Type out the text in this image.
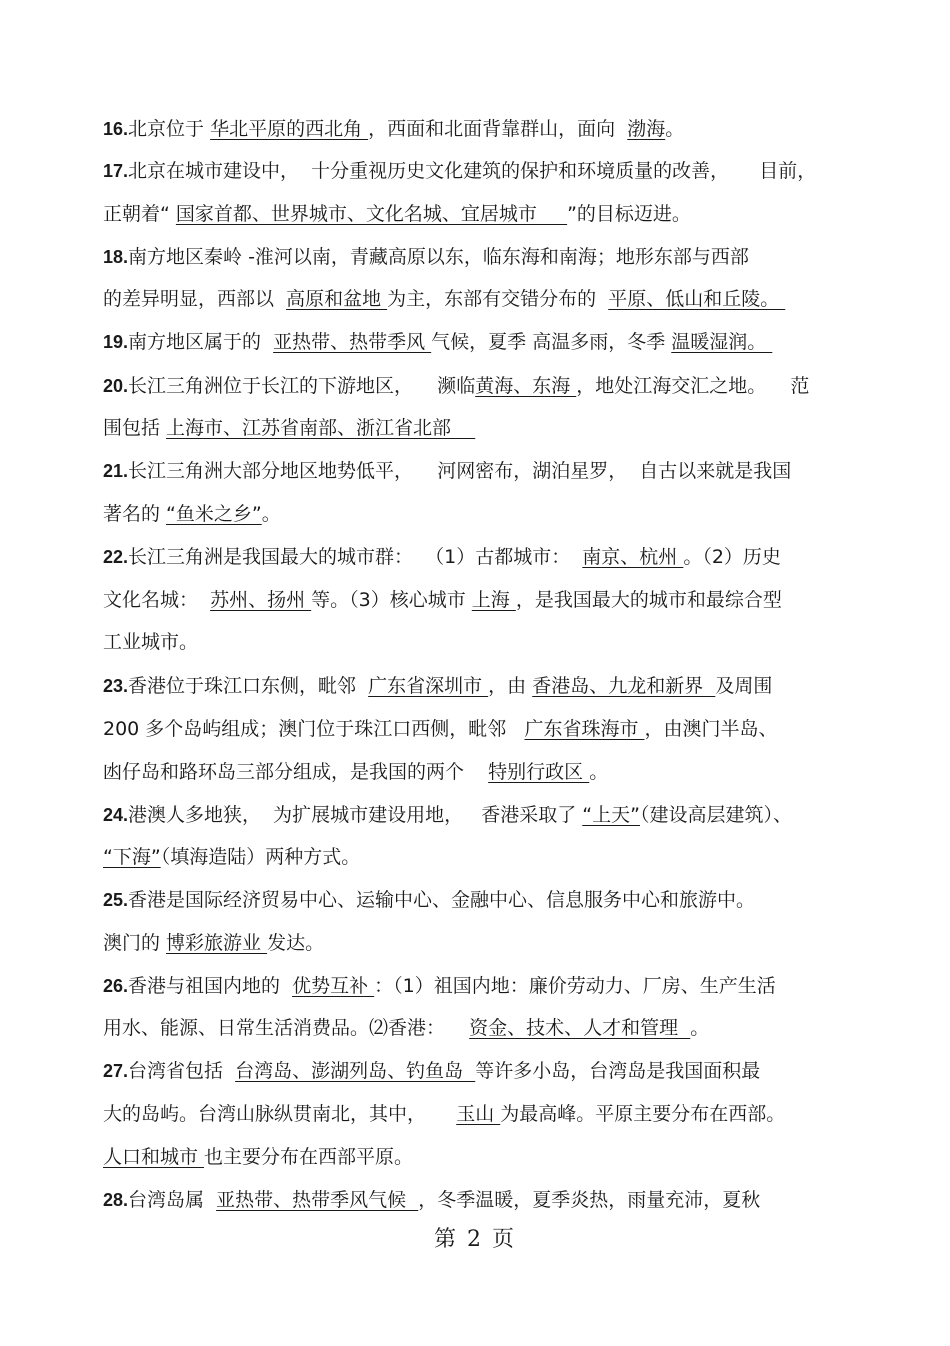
16.北京位于 华北平原的西北角 ，西面和北面背靠群山，面向  渤海。
17.北京在城市建设中，  十分重视历史文化建筑的保护和环境质量的改善，     目前，
正朝着“ 国家首都、世界城市、文化名城、宜居城市     ”的目标迈进。
18.南方地区秦岭 -淮河以南，青藏高原以东，临东海和南海；地形东部与西部
的差异明显，西部以  高原和盆地 为主，东部有交错分布的  平原、低山和丘陵。
19.南方地区属于的  亚热带、热带季风 气候，夏季 高温多雨，冬季 温暖湿润。
20.长江三角洲位于长江的下游地区，    濒临黄海、东海 ，地处江海交汇之地。    范
围包括 上海市、江苏省南部、浙江省北部
21.长江三角洲大部分地区地势低平，    河网密布，湖泊星罗，  自古以来就是我国
著名的 “鱼米之乡”。
22.长江三角洲是我国最大的城市群：  （1）古都城市：  南京、杭州 。（2）历史
文化名城：  苏州、扬州 等。（3）核心城市 上海 ，是我国最大的城市和最综合型
工业城市。
23.香港位于珠江口东侧，毗邻  广东省深圳市 ，由 香港岛、九龙和新界  及周围
200 多个岛屿组成；澳门位于珠江口西侧，毗邻   广东省珠海市 ，由澳门半岛、
凼仔岛和路环岛三部分组成，是我国的两个    特别行政区 。
24.港澳人多地狭，  为扩展城市建设用地，   香港采取了 “上天”（建设高层建筑）、
“下海”（填海造陆）两种方式。
25.香港是国际经济贸易中心、运输中心、金融中心、信息服务中心和旅游中。
澳门的 博彩旅游业 发达。
26.香港与祖国内地的  优势互补 ：（1）祖国内地：廉价劳动力、厂房、生产生活
用水、能源、日常生活消费品。⑵香港：    资金、技术、人才和管理  。
27.台湾省包括  台湾岛、澎湖列岛、钓鱼岛  等许多小岛，台湾岛是我国面积最
大的岛屿。台湾山脉纵贯南北，其中，     玉山 为最高峰。平原主要分布在西部。
人口和城市 也主要分布在西部平原。
28.台湾岛属  亚热带、热带季风气候  ，冬季温暖，夏季炎热，雨量充沛，夏秋
第 2 页
